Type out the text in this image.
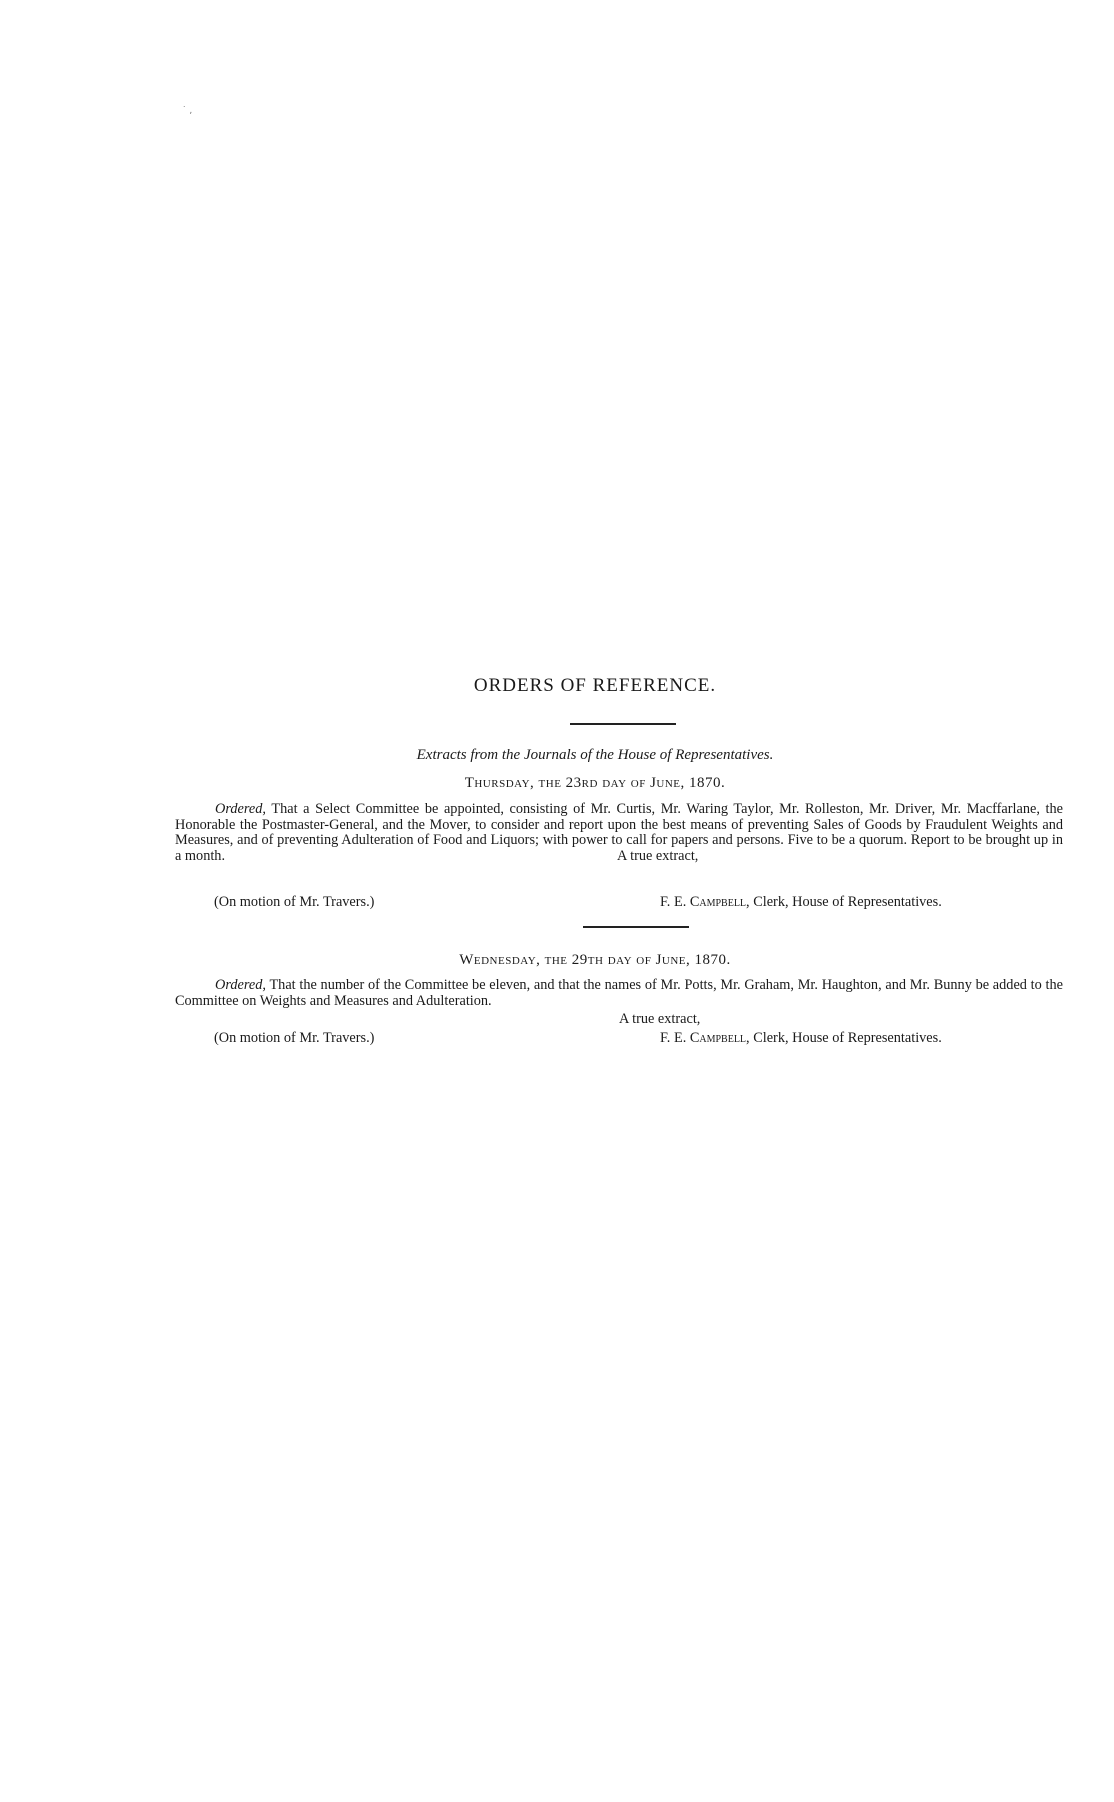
˙ ,
ORDERS OF REFERENCE.
Extracts from the Journals of the House of Representatives.
Thursday, the 23rd day of June, 1870.
Ordered, That a Select Committee be appointed, consisting of Mr. Curtis, Mr. Waring Taylor, Mr. Rolleston, Mr. Driver, Mr. Macffarlane, the Honorable the Postmaster-General, and the Mover, to consider and report upon the best means of preventing Sales of Goods by Fraudulent Weights and Measures, and of preventing Adulteration of Food and Liquors; with power to call for papers and persons. Five to be a quorum. Report to be brought up in a month.	A true extract,
(On motion of Mr. Travers.)	F. E. Campbell, Clerk, House of Representatives.
Wednesday, the 29th day of June, 1870.
Ordered, That the number of the Committee be eleven, and that the names of Mr. Potts, Mr. Graham, Mr. Haughton, and Mr. Bunny be added to the Committee on Weights and Measures and Adulteration.
A true extract,
(On motion of Mr. Travers.)	F. E. Campbell, Clerk, House of Representatives.
